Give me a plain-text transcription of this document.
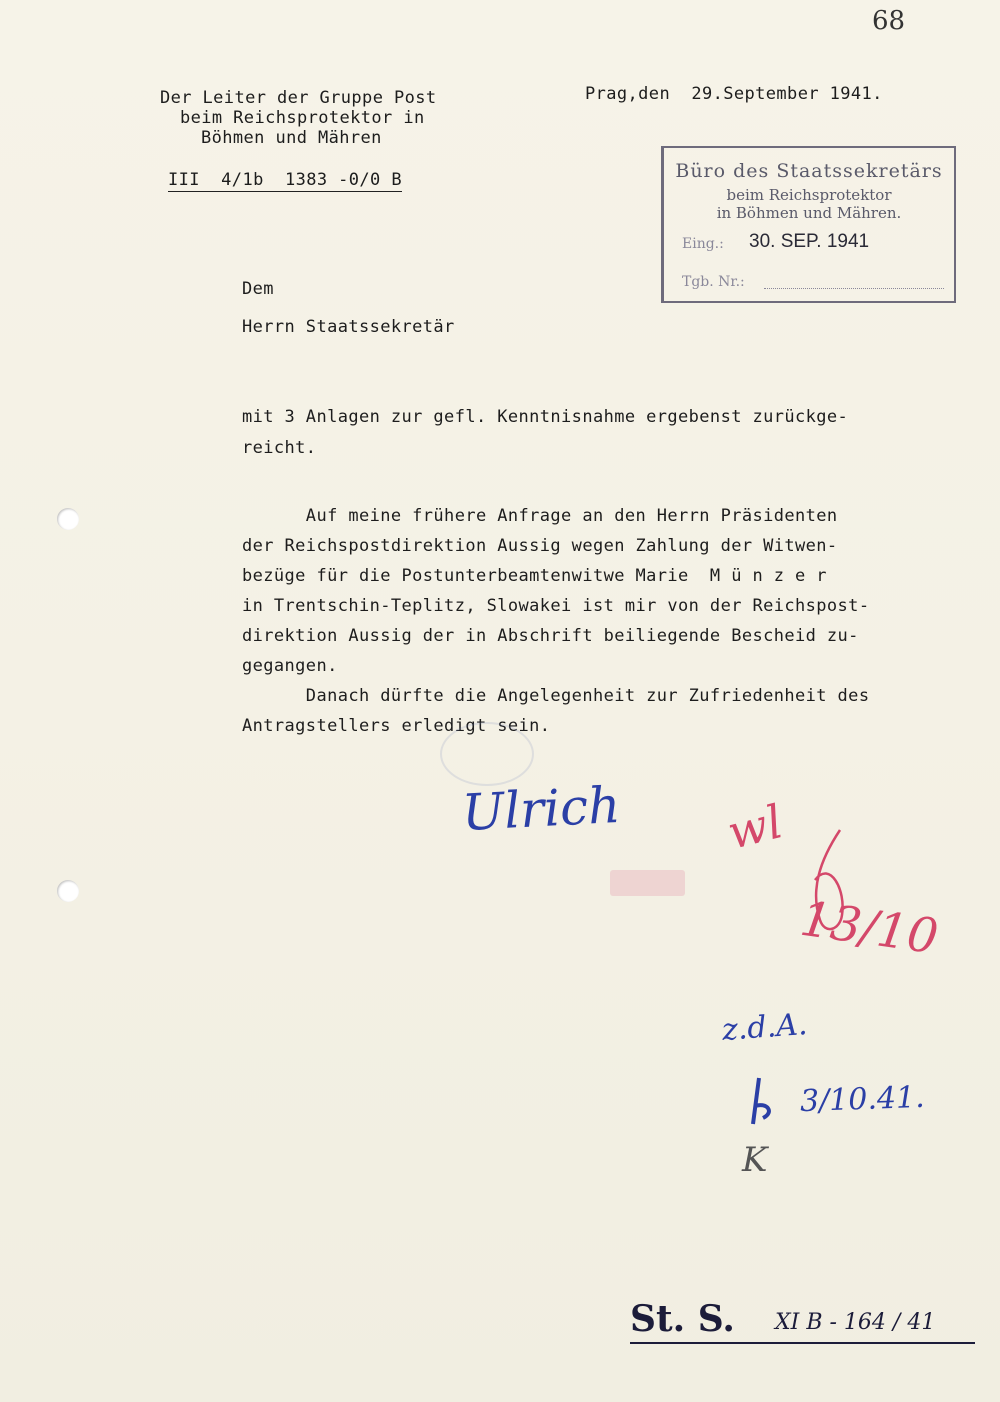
68
Der Leiter der Gruppe Post
beim Reichsprotektor in
Böhmen und Mähren
III  4/1b  1383 -0/0 B
Prag,den  29.September 1941.
Büro des Staatssekretärs
beim Reichsprotektor
in Böhmen und Mähren.
Eing.: 30. SEP. 1941
Tgb. Nr.:
Dem
Herrn Staatssekretär
mit 3 Anlagen zur gefl. Kenntnisnahme ergebenst zurückge-
reicht.
Auf meine frühere Anfrage an den Herrn Präsidenten
der Reichspostdirektion Aussig wegen Zahlung der Witwen-
bezüge für die Postunterbeamtenwitwe Marie  M ü n z e r
in Trentschin-Teplitz, Slowakei ist mir von der Reichspost-
direktion Aussig der in Abschrift beiliegende Bescheid zu-
gegangen.
Danach dürfte die Angelegenheit zur Zufriedenheit des
Antragstellers erledigt sein.
Ulrich wl
13/10
z.d.A.
3/10.41.
K
St. S. XI B - 164 / 41
